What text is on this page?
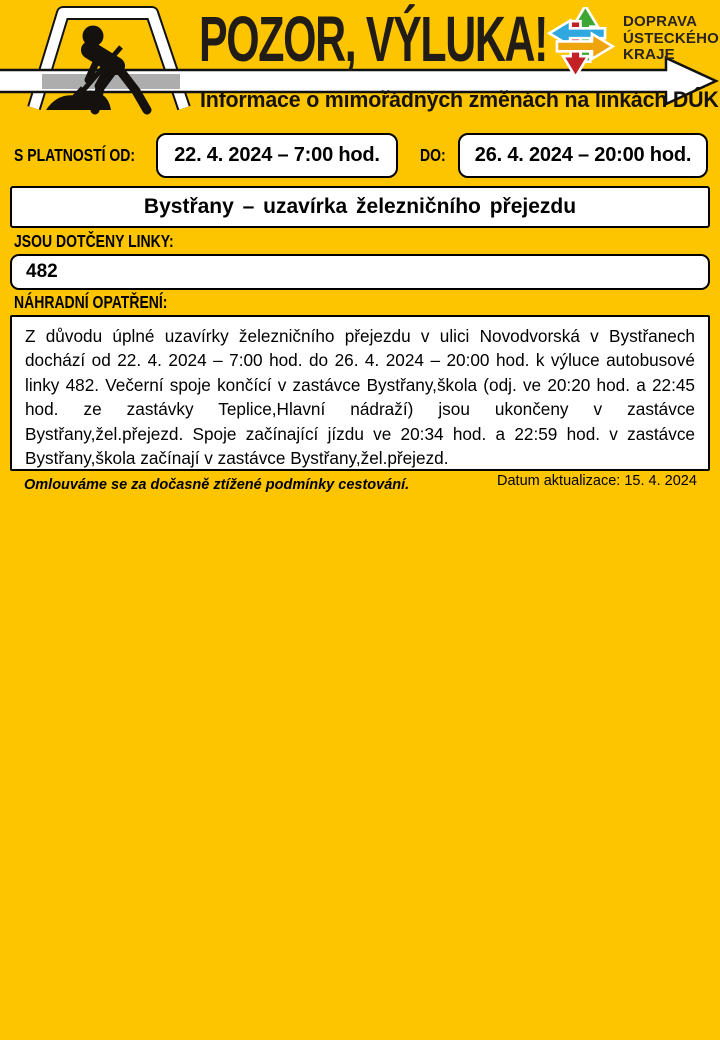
POZOR, VÝLUKA!
Informace o mimořádných změnách na linkách DÚK
DOPRAVA
ÚSTECKÉHO
KRAJE
S PLATNOSTÍ OD:	22. 4. 2024 – 7:00 hod. DO:	26. 4. 2024 – 20:00 hod.
Bystřany – uzavírka železničního přejezdu
JSOU DOTČENY LINKY:
482
NÁHRADNÍ OPATŘENÍ:
Z důvodu úplné uzavírky železničního přejezdu v ulici Novodvorská v Bystřanech dochází od 22. 4. 2024 – 7:00 hod. do 26. 4. 2024 – 20:00 hod. k výluce autobusové linky 482. Večerní spoje končící v zastávce Bystřany,škola (odj. ve 20:20 hod. a 22:45 hod. ze zastávky Teplice,Hlavní nádraží) jsou ukončeny v zastávce Bystřany,žel.přejezd. Spoje začínající jízdu ve 20:34 hod. a 22:59 hod. v zastávce Bystřany,škola začínají v zastávce Bystřany,žel.přejezd.
Omlouváme se za dočasně ztížené podmínky cestování.	Datum aktualizace: 15. 4. 2024
